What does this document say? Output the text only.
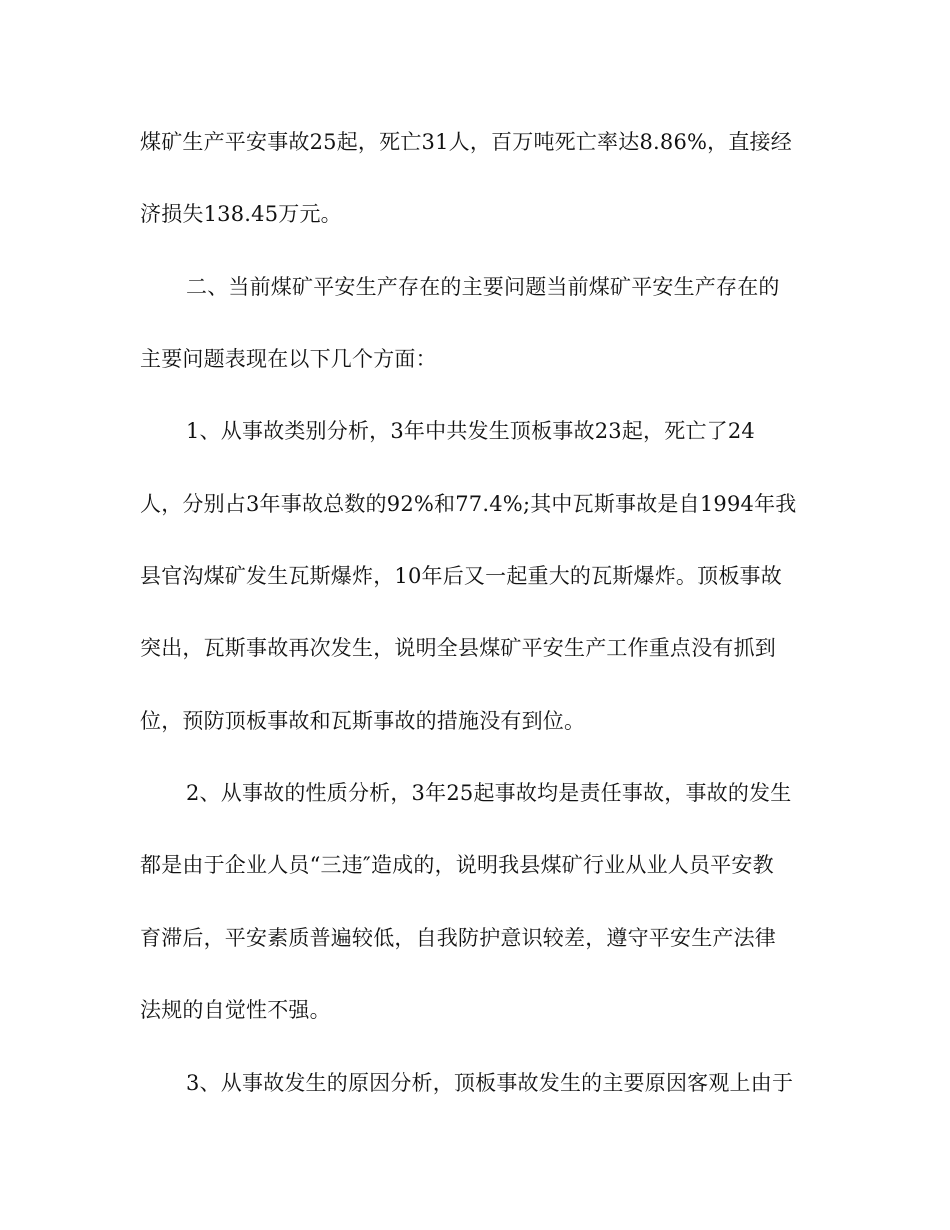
煤矿生产平安事故25起，死亡31人，百万吨死亡率达8.86%，直接经

济损失138.45万元。

二、当前煤矿平安生产存在的主要问题当前煤矿平安生产存在的

主要问题表现在以下几个方面：

1、从事故类别分析，3年中共发生顶板事故23起，死亡了24

人，分别占3年事故总数的92%和77.4%;其中瓦斯事故是自1994年我

县官沟煤矿发生瓦斯爆炸，10年后又一起重大的瓦斯爆炸。顶板事故

突出，瓦斯事故再次发生，说明全县煤矿平安生产工作重点没有抓到

位，预防顶板事故和瓦斯事故的措施没有到位。

2、从事故的性质分析，3年25起事故均是责任事故，事故的发生

都是由于企业人员“三违″造成的，说明我县煤矿行业从业人员平安教

育滞后，平安素质普遍较低，自我防护意识较差，遵守平安生产法律

法规的自觉性不强。

3、从事故发生的原因分析，顶板事故发生的主要原因客观上由于
